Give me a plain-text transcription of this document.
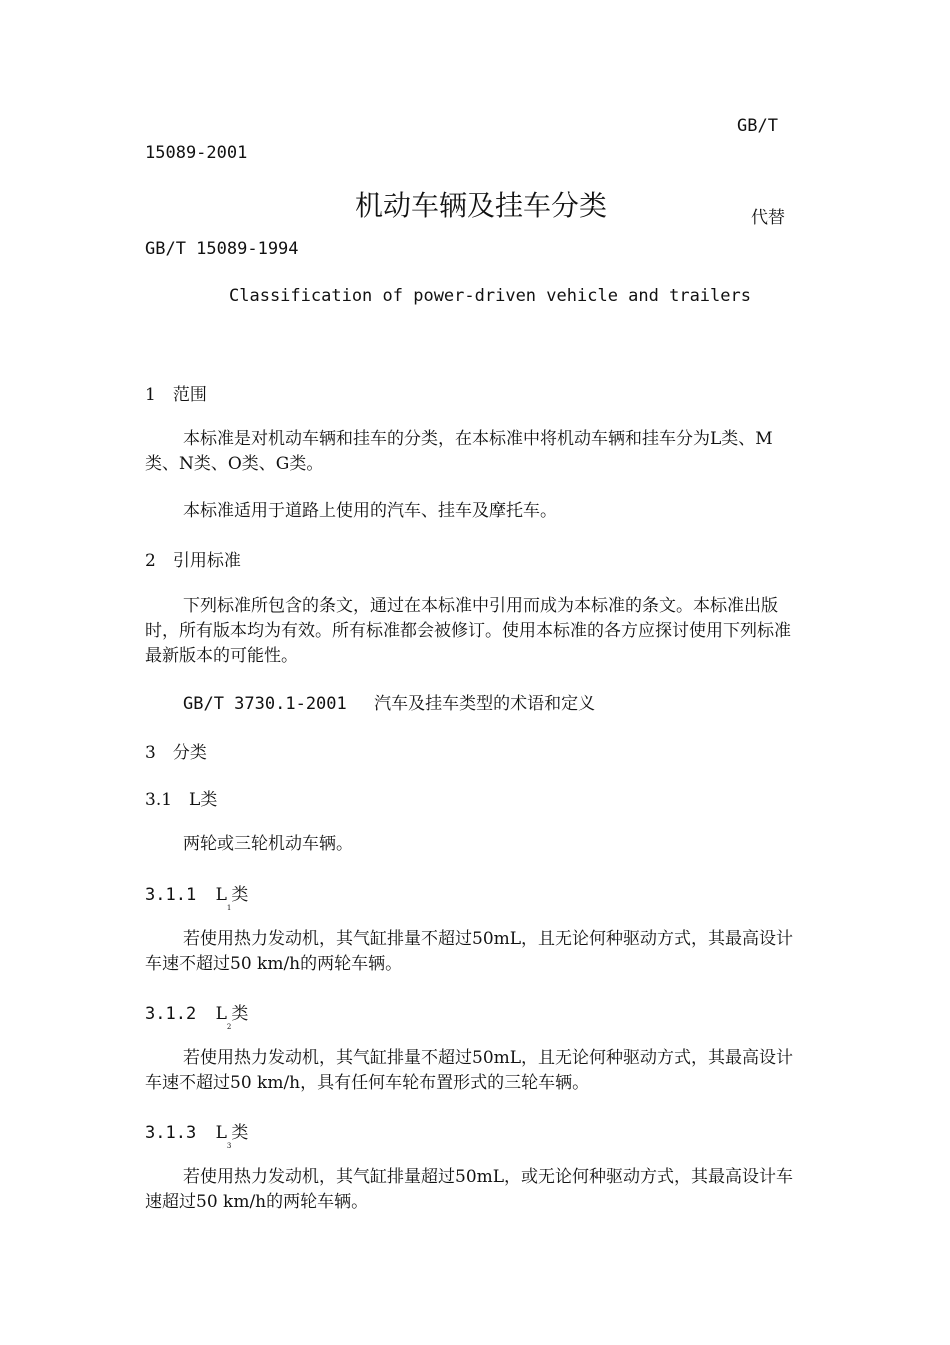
GB/T
15089-2001
机动车辆及挂车分类	代替
GB/T 15089-1994
Classification of power-driven vehicle and trailers
1　范围
本标准是对机动车辆和挂车的分类，在本标准中将机动车辆和挂车分为L类、M类、N类、O类、G类。
本标准适用于道路上使用的汽车、挂车及摩托车。
2　引用标准
下列标准所包含的条文，通过在本标准中引用而成为本标准的条文。本标准出版时，所有版本均为有效。所有标准都会被修订。使用本标准的各方应探讨使用下列标准最新版本的可能性。
GB/T 3730.1-2001 汽车及挂车类型的术语和定义
3　分类
3.1　L类
两轮或三轮机动车辆。
3.1.1 $L_1$类
若使用热力发动机，其气缸排量不超过50mL，且无论何种驱动方式，其最高设计车速不超过50 km/h的两轮车辆。
3.1.2 $L_2$类
若使用热力发动机，其气缸排量不超过50mL，且无论何种驱动方式，其最高设计车速不超过50 km/h，具有任何车轮布置形式的三轮车辆。
3.1.3 $L_3$类
若使用热力发动机，其气缸排量超过50mL，或无论何种驱动方式，其最高设计车速超过50 km/h的两轮车辆。
